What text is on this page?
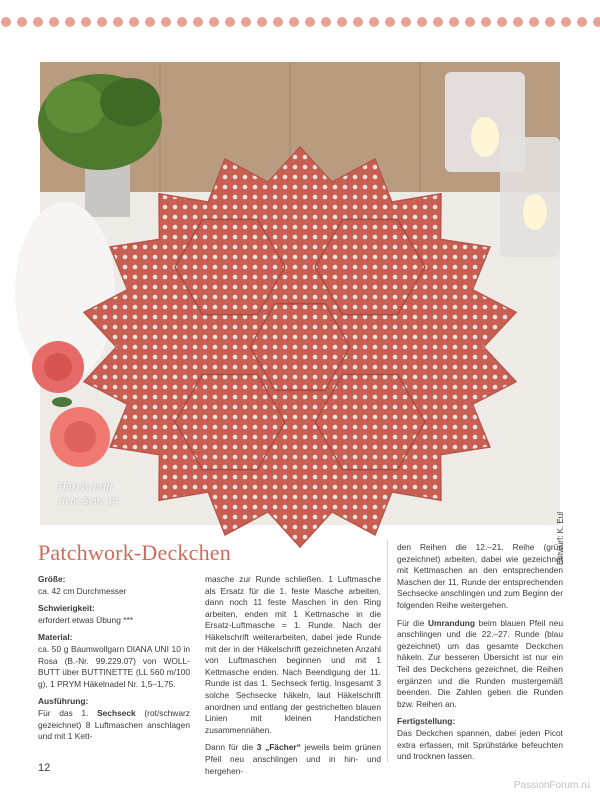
Häkelschrift
siehe Seite 14
Entwurf: K. Eul
Patchwork-Deckchen

Größe:
ca. 42 cm Durchmesser

Schwierigkeit:
erfordert etwas Übung ***

Material:
ca. 50 g Baumwollgarn DIANA UNI 10 in Rosa (B.-Nr. 99.229.07) von WOLL-BUTT über BUTTINETTE (LL 560 m/100 g), 1 PRYM Häkelnadel Nr. 1,5–1,75.

Ausführung:
Für das 1. Sechseck (rot/schwarz gezeichnet) 8 Luftmaschen anschlagen und mit 1 Kett-

masche zur Runde schließen. 1 Luftmasche als Ersatz für die 1. feste Masche arbeiten, dann noch 11 feste Maschen in den Ring arbeiten, enden mit 1 Kettmasche in die Ersatz-Luftmasche = 1. Runde. Nach der Häkelschrift weiterarbeiten, dabei jede Runde mit der in der Häkelschrift gezeichneten Anzahl von Luftmaschen beginnen und mit 1 Kettmasche enden. Nach Beendigung der 11. Runde ist das 1. Sechseck fertig. Insgesamt 3 solche Sechsecke häkeln, laut Häkelschrift anordnen und entlang der gestrichelten blauen Linien mit kleinen Handstichen zusammennähen.

Dann für die 3 „Fächer“ jeweils beim grünen Pfeil neu anschlingen und in hin- und hergehen-

den Reihen die 12.–21. Reihe (grün gezeichnet) arbeiten, dabei wie gezeichnet mit Kettmaschen an den entsprechenden Maschen der 11. Runde der entsprechenden Sechsecke anschlingen und zum Beginn der folgenden Reihe weitergehen.

Für die Umrandung beim blauen Pfeil neu anschlingen und die 22.–27. Runde (blau gezeichnet) um das gesamte Deckchen häkeln. Zur besseren Übersicht ist nur ein Teil des Deckchens gezeichnet, die Reihen ergänzen und die Runden mustergemäß beenden. Die Zahlen geben die Runden bzw. Reihen an.

Fertigstellung:
Das Deckchen spannen, dabei jeden Picot extra erfassen, mit Sprühstärke befeuchten und trocknen lassen.

12
PassionForum.ru
